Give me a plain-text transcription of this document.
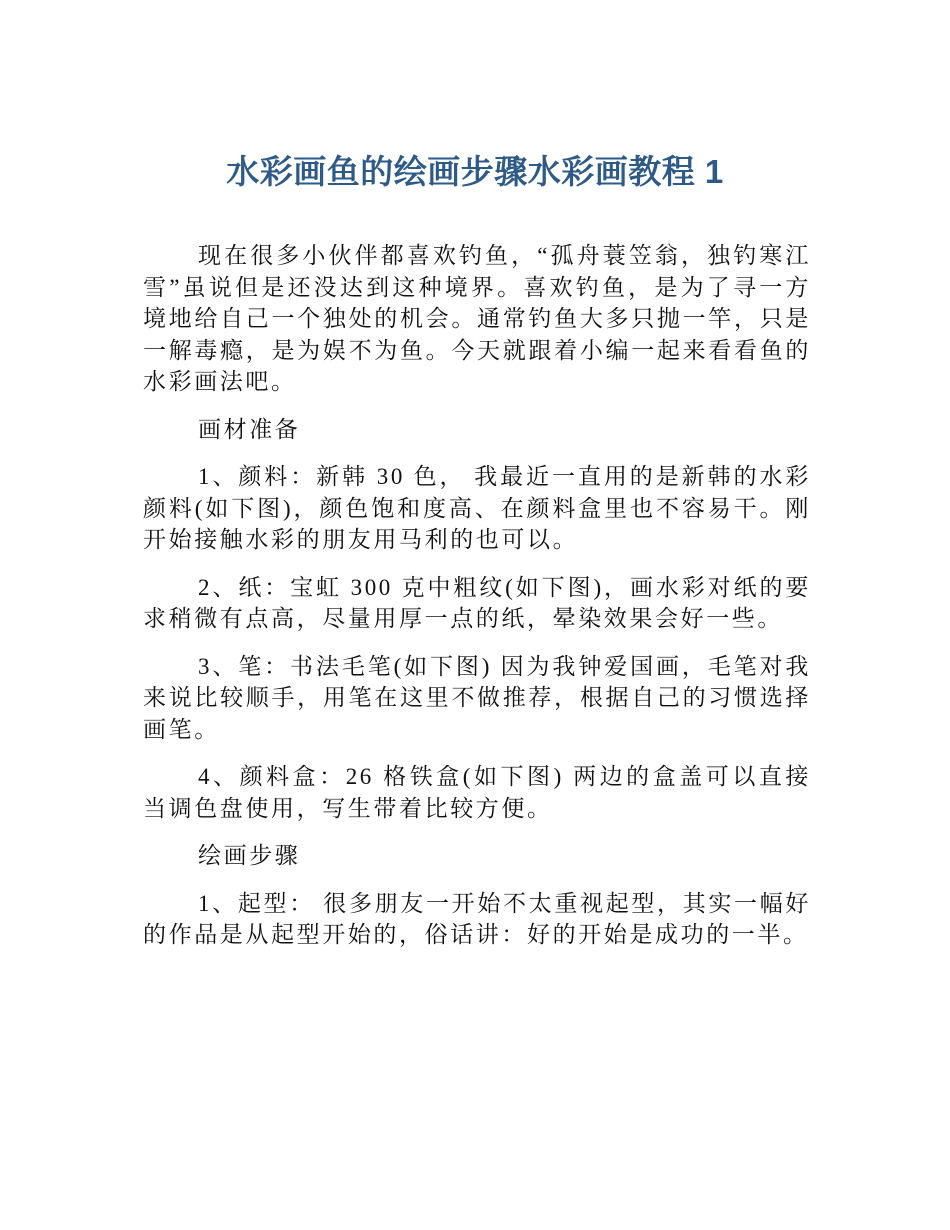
水彩画鱼的绘画步骤水彩画教程 1

现在很多小伙伴都喜欢钓鱼，“孤舟蓑笠翁，独钓寒江雪”虽说但是还没达到这种境界。喜欢钓鱼，是为了寻一方境地给自己一个独处的机会。通常钓鱼大多只抛一竿，只是一解毒瘾，是为娱不为鱼。今天就跟着小编一起来看看鱼的水彩画法吧。

画材准备

1、颜料：新韩 30 色， 我最近一直用的是新韩的水彩颜料(如下图)，颜色饱和度高、在颜料盒里也不容易干。刚开始接触水彩的朋友用马利的也可以。

2、纸：宝虹 300 克中粗纹(如下图)，画水彩对纸的要求稍微有点高，尽量用厚一点的纸，晕染效果会好一些。

3、笔：书法毛笔(如下图) 因为我钟爱国画，毛笔对我来说比较顺手，用笔在这里不做推荐，根据自己的习惯选择画笔。

4、颜料盒：26 格铁盒(如下图) 两边的盒盖可以直接当调色盘使用，写生带着比较方便。

绘画步骤

1、起型： 很多朋友一开始不太重视起型，其实一幅好的作品是从起型开始的，俗话讲：好的开始是成功的一半。
